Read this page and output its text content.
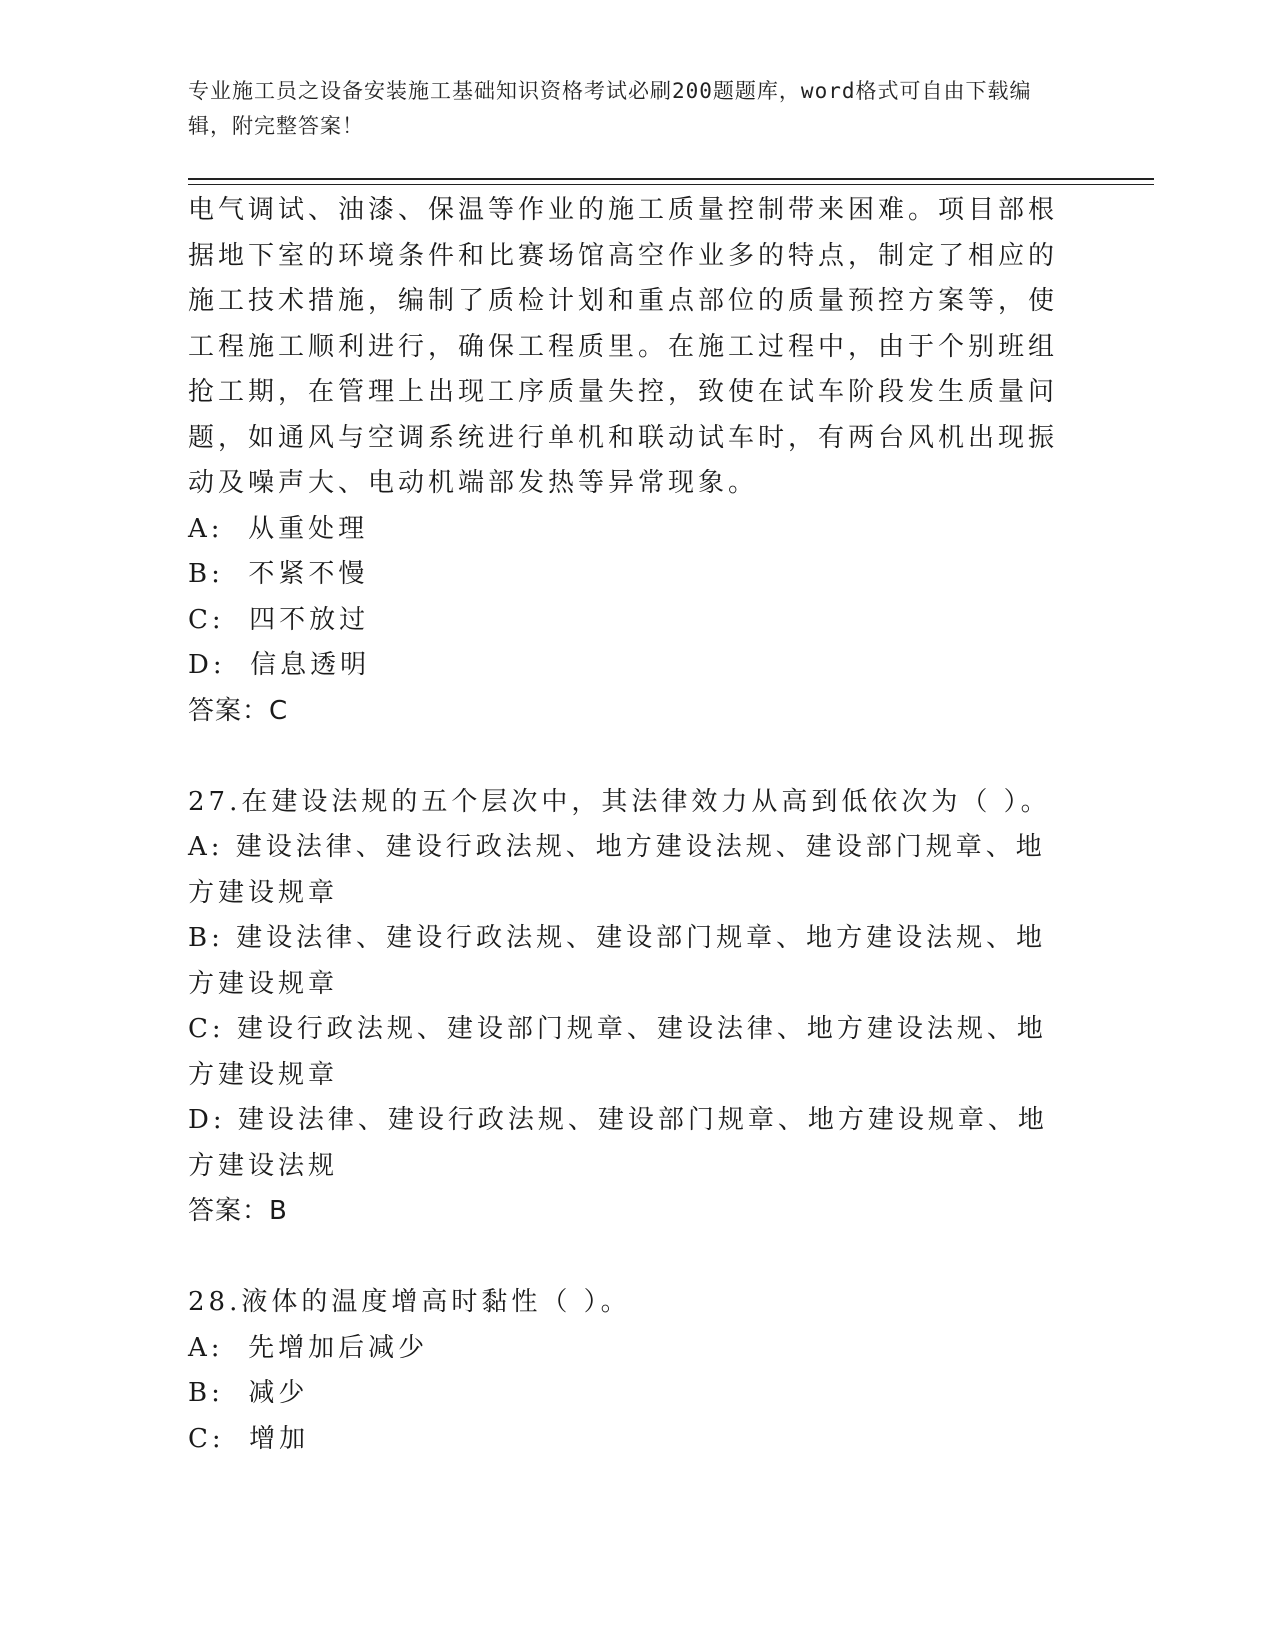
专业施工员之设备安装施工基础知识资格考试必刷200题题库，word格式可自由下载编辑，附完整答案！

电气调试、油漆、保温等作业的施工质量控制带来困难。项目部根据地下室的环境条件和比赛场馆高空作业多的特点，制定了相应的施工技术措施，编制了质检计划和重点部位的质量预控方案等，使工程施工顺利进行，确保工程质里。在施工过程中，由于个别班组抢工期，在管理上出现工序质量失控，致使在试车阶段发生质量问题，如通风与空调系统进行单机和联动试车时，有两台风机出现振动及噪声大、电动机端部发热等异常现象。

A:  从重处理

B:  不紧不慢

C:  四不放过

D:  信息透明

答案：C

27.在建设法规的五个层次中，其法律效力从高到低依次为（ ）。

A: 建设法律、建设行政法规、地方建设法规、建设部门规章、地方建设规章

B: 建设法律、建设行政法规、建设部门规章、地方建设法规、地方建设规章

C: 建设行政法规、建设部门规章、建设法律、地方建设法规、地方建设规章

D: 建设法律、建设行政法规、建设部门规章、地方建设规章、地方建设法规

答案：B

28.液体的温度增高时黏性（ ）。

A:  先增加后减少

B:  减少

C:  增加
